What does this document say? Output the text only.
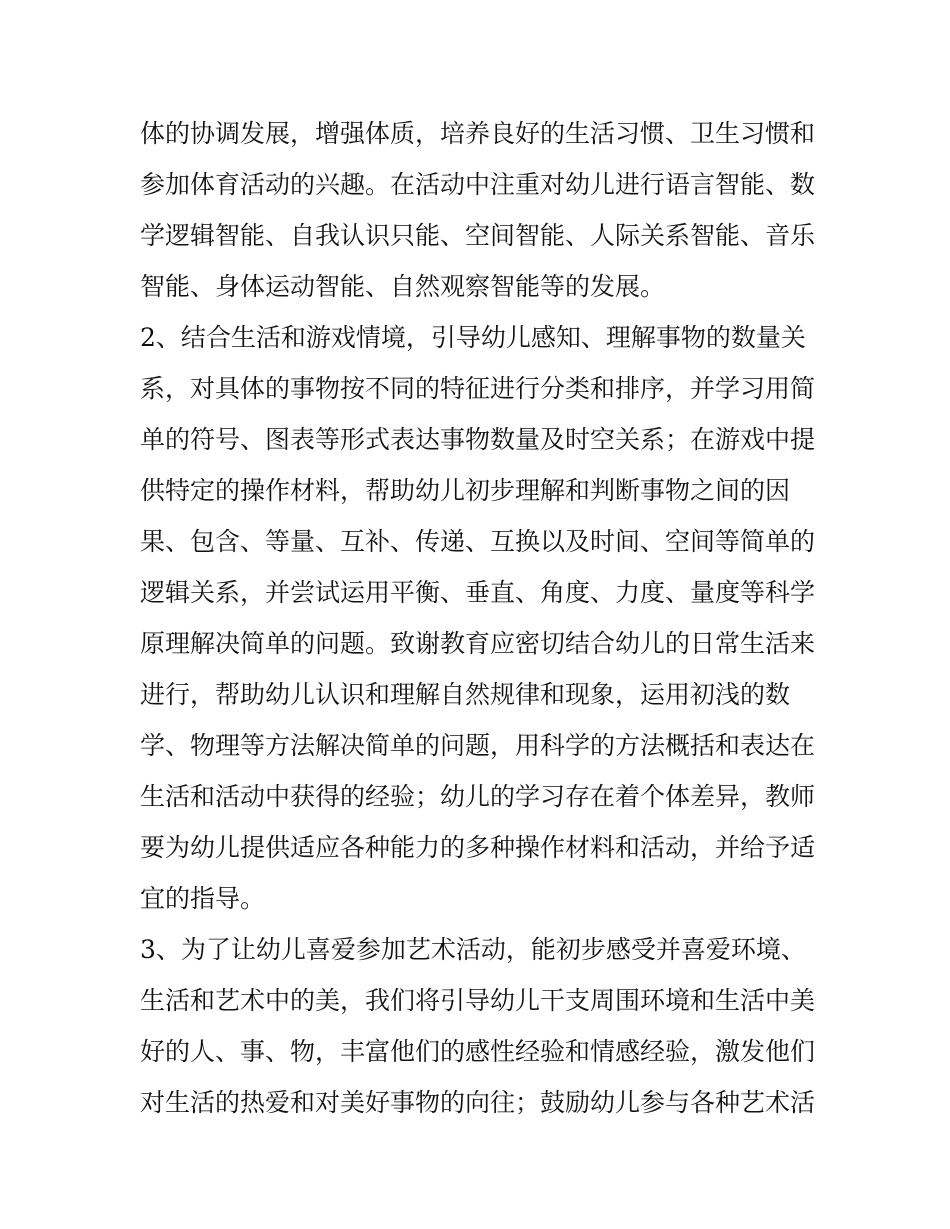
体的协调发展，增强体质，培养良好的生活习惯、卫生习惯和
参加体育活动的兴趣。在活动中注重对幼儿进行语言智能、数
学逻辑智能、自我认识只能、空间智能、人际关系智能、音乐
智能、身体运动智能、自然观察智能等的发展。
2、结合生活和游戏情境，引导幼儿感知、理解事物的数量关
系，对具体的事物按不同的特征进行分类和排序，并学习用简
单的符号、图表等形式表达事物数量及时空关系；在游戏中提
供特定的操作材料，帮助幼儿初步理解和判断事物之间的因
果、包含、等量、互补、传递、互换以及时间、空间等简单的
逻辑关系，并尝试运用平衡、垂直、角度、力度、量度等科学
原理解决简单的问题。致谢教育应密切结合幼儿的日常生活来
进行，帮助幼儿认识和理解自然规律和现象，运用初浅的数
学、物理等方法解决简单的问题，用科学的方法概括和表达在
生活和活动中获得的经验；幼儿的学习存在着个体差异，教师
要为幼儿提供适应各种能力的多种操作材料和活动，并给予适
宜的指导。
3、为了让幼儿喜爱参加艺术活动，能初步感受并喜爱环境、
生活和艺术中的美，我们将引导幼儿干支周围环境和生活中美
好的人、事、物，丰富他们的感性经验和情感经验，激发他们
对生活的热爱和对美好事物的向往；鼓励幼儿参与各种艺术活
